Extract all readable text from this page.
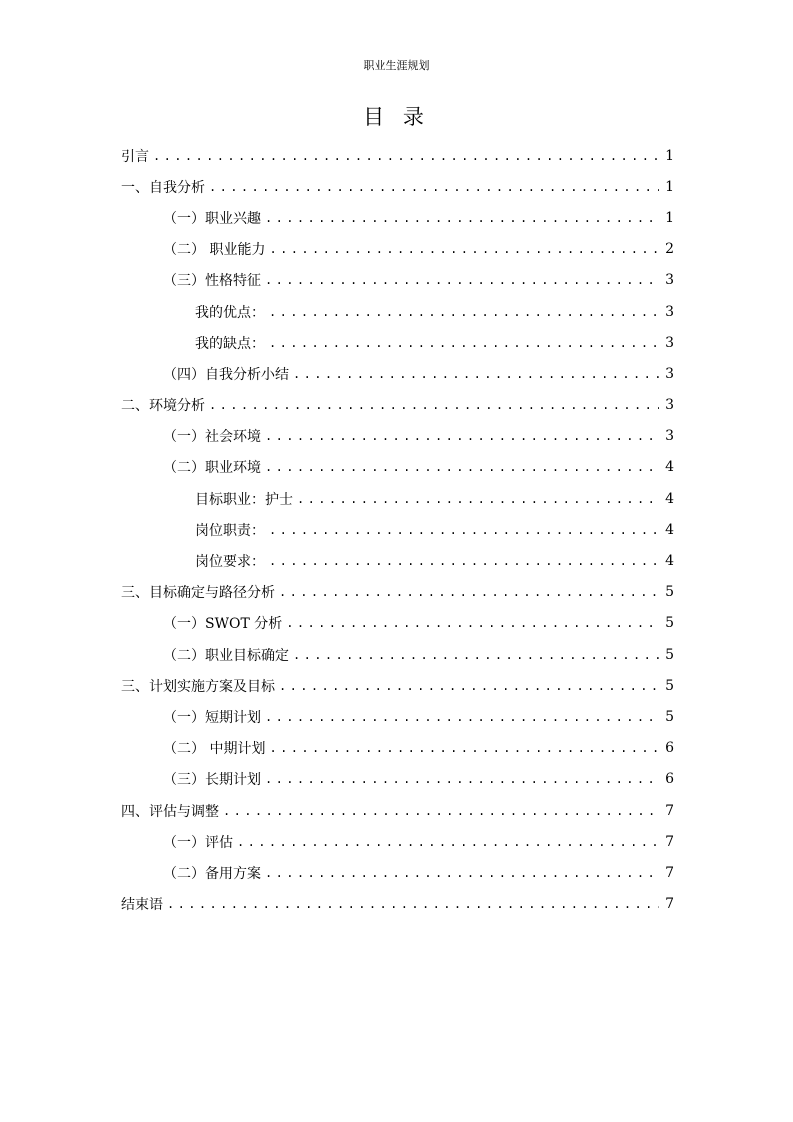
职业生涯规划
目 录
引言 .....	1
一、自我分析 .....	1
（一）职业兴趣 .....	1
（二） 职业能力 .....	2
（三）性格特征 .....	3
我的优点： .....	3
我的缺点： .....	3
（四）自我分析小结 .....	3
二、环境分析 .....	3
（一）社会环境 .....	3
（二）职业环境 .....	4
目标职业：护士 .....	4
岗位职责： .....	4
岗位要求： .....	4
三、目标确定与路径分析 .....	5
（一）SWOT 分析 .....	5
（二）职业目标确定 .....	5
三、计划实施方案及目标 .....	5
（一）短期计划 .....	5
（二） 中期计划 .....	6
（三）长期计划 .....	6
四、评估与调整 .....	7
（一）评估 .....	7
（二）备用方案 .....	7
结束语 .....	7
